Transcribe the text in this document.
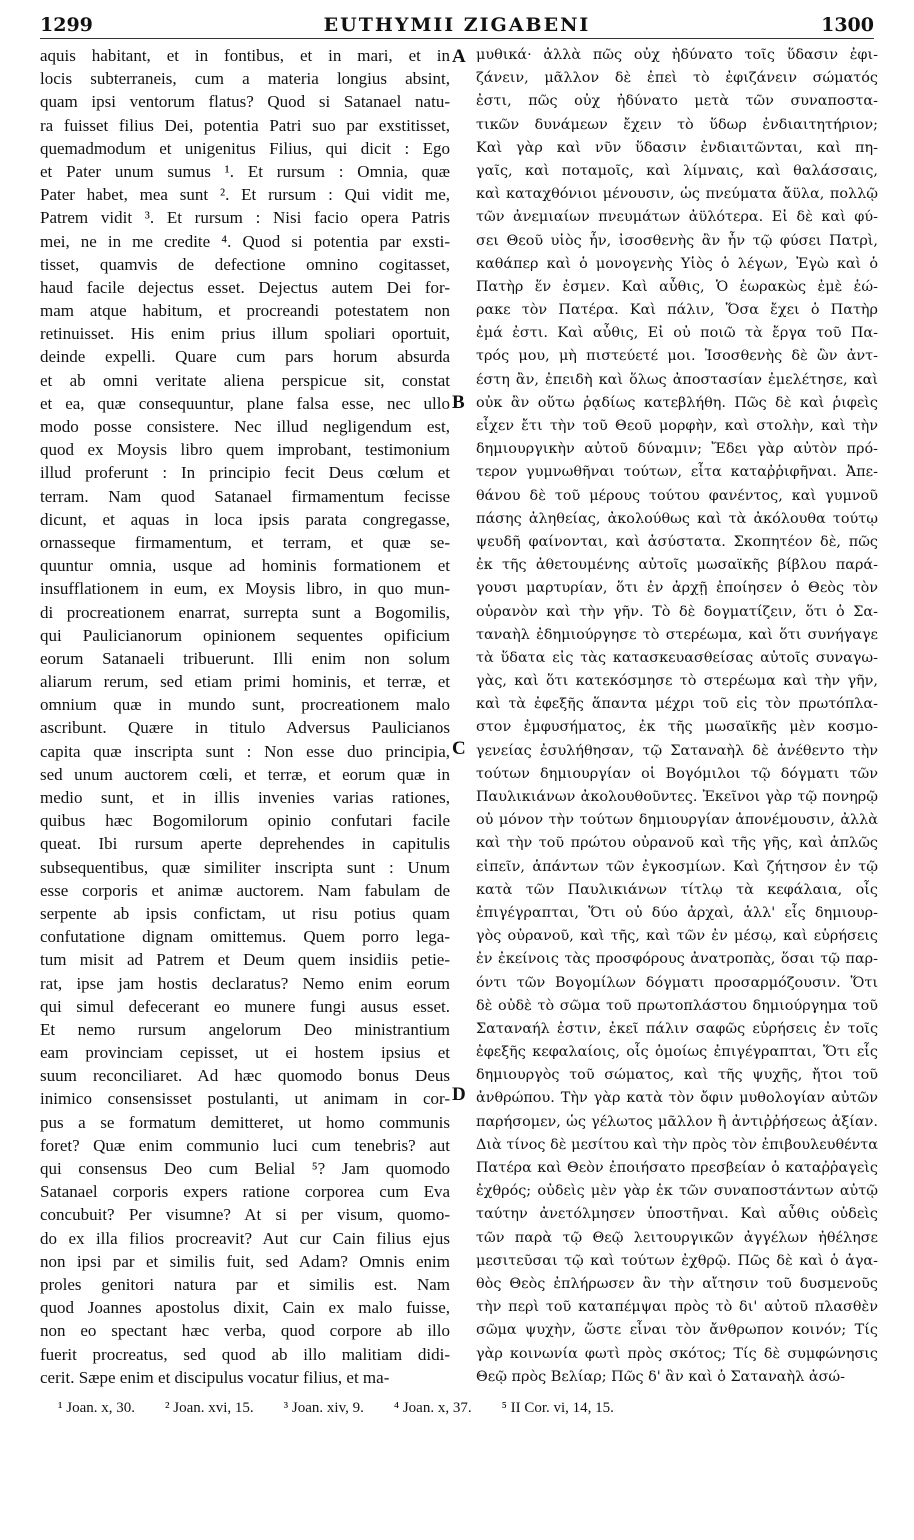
1299	EUTHYMII ZIGABENI	1300
aquis habitant, et in fontibus, et in mari, et in
locis subterraneis, cum a materia longius absint,
quam ipsi ventorum flatus? Quod si Satanael natu-
ra fuisset filius Dei, potentia Patri suo par exstitisset,
quemadmodum et unigenitus Filius, qui dicit : Ego
et Pater unum sumus ¹. Et rursum : Omnia, quæ
Pater habet, mea sunt ². Et rursum : Qui vidit me,
Patrem vidit ³. Et rursum : Nisi facio opera Patris
mei, ne in me credite ⁴. Quod si potentia par exsti-
tisset, quamvis de defectione omnino cogitasset,
haud facile dejectus esset. Dejectus autem Dei for-
mam atque habitum, et procreandi potestatem non
retinuisset. His enim prius illum spoliari oportuit,
deinde expelli. Quare cum pars horum absurda
et ab omni veritate aliena perspicue sit, constat
et ea, quæ consequuntur, plane falsa esse, nec ullo
modo posse consistere. Nec illud negligendum est,
quod ex Moysis libro quem improbant, testimonium
illud proferunt : In principio fecit Deus cœlum et
terram. Nam quod Satanael firmamentum fecisse
dicunt, et aquas in loca ipsis parata congregasse,
ornasseque firmamentum, et terram, et quæ se-
quuntur omnia, usque ad hominis formationem et
insufflationem in eum, ex Moysis libro, in quo mun-
di procreationem enarrat, surrepta sunt a Bogomilis,
qui Paulicianorum opinionem sequentes opificium
eorum Satanaeli tribuerunt. Illi enim non solum
aliarum rerum, sed etiam primi hominis, et terræ, et
omnium quæ in mundo sunt, procreationem malo
ascribunt. Quære in titulo Adversus Paulicianos
capita quæ inscripta sunt : Non esse duo principia,
sed unum auctorem cœli, et terræ, et eorum quæ in
medio sunt, et in illis invenies varias rationes,
quibus hæc Bogomilorum opinio confutari facile
queat. Ibi rursum aperte deprehendes in capitulis
subsequentibus, quæ similiter inscripta sunt : Unum
esse corporis et animæ auctorem. Nam fabulam de
serpente ab ipsis confictam, ut risu potius quam
confutatione dignam omittemus. Quem porro lega-
tum misit ad Patrem et Deum quem insidiis petie-
rat, ipse jam hostis declaratus? Nemo enim eorum
qui simul defecerant eo munere fungi ausus esset.
Et nemo rursum angelorum Deo ministrantium
eam provinciam cepisset, ut ei hostem ipsius et
suum reconciliaret. Ad hæc quomodo bonus Deus
inimico consensisset postulanti, ut animam in cor-
pus a se formatum demitteret, ut homo communis
foret? Quæ enim communio luci cum tenebris? aut
qui consensus Deo cum Belial ⁵? Jam quomodo
Satanael corporis expers ratione corporea cum Eva
concubuit? Per visumne? At si per visum, quomo-
do ex illa filios procreavit? Aut cur Cain filius ejus
non ipsi par et similis fuit, sed Adam? Omnis enim
proles genitori natura par et similis est. Nam
quod Joannes apostolus dixit, Cain ex malo fuisse,
non eo spectant hæc verba, quod corpore ab illo
fuerit procreatus, sed quod ab illo malitiam didi-
cerit. Sæpe enim et discipulus vocatur filius, et ma-
μυθικά· ἀλλὰ πῶς οὐχ ἠδύνατο τοῖς ὕδασιν ἐφι-
ζάνειν, μᾶλλον δὲ ἐπεὶ τὸ ἐφιζάνειν σώματός
ἐστι, πῶς οὐχ ἠδύνατο μετὰ τῶν συναποστα-
τικῶν δυνάμεων ἔχειν τὸ ὕδωρ ἐνδιαιτητήριον;
Καὶ γὰρ καὶ νῦν ὕδασιν ἐνδιαιτῶνται, καὶ πη-
γαῖς, καὶ ποταμοῖς, καὶ λίμναις, καὶ θαλάσσαις,
καὶ καταχθόνιοι μένουσιν, ὡς πνεύματα ἄϋλα, πολλῷ
τῶν ἀνεμιαίων πνευμάτων ἀϋλότερα. Εἰ δὲ καὶ φύ-
σει Θεοῦ υἱὸς ἦν, ἰσοσθενὴς ἂν ἦν τῷ φύσει Πατρὶ,
καθάπερ καὶ ὁ μονογενὴς Υἱὸς ὁ λέγων, Ἐγὼ καὶ ὁ
Πατὴρ ἕν ἐσμεν. Καὶ αὖθις, Ὁ ἑωρακὼς ἐμὲ ἑώ-
ρακε τὸν Πατέρα. Καὶ πάλιν, Ὅσα ἔχει ὁ Πατὴρ
ἐμά ἐστι. Καὶ αὖθις, Εἰ οὐ ποιῶ τὰ ἔργα τοῦ Πα-
τρός μου, μὴ πιστεύετέ μοι. Ἰσοσθενὴς δὲ ὢν ἀντ-
έστη ἂν, ἐπειδὴ καὶ ὅλως ἀποστασίαν ἐμελέτησε, καὶ
οὐκ ἂν οὕτω ῥᾳδίως κατεβλήθη. Πῶς δὲ καὶ ῥιφεὶς
εἶχεν ἔτι τὴν τοῦ Θεοῦ μορφὴν, καὶ στολὴν, καὶ τὴν
δημιουργικὴν αὐτοῦ δύναμιν; Ἔδει γὰρ αὐτὸν πρό-
τερον γυμνωθῆναι τούτων, εἶτα καταῤῥιφῆναι. Ἀπε-
θάνου δὲ τοῦ μέρους τούτου φανέντος, καὶ γυμνοῦ
πάσης ἀληθείας, ἀκολούθως καὶ τὰ ἀκόλουθα τούτῳ
ψευδῆ φαίνονται, καὶ ἀσύστατα. Σκοπητέον δὲ, πῶς
ἐκ τῆς ἀθετουμένης αὐτοῖς μωσαϊκῆς βίβλου παρά-
γουσι μαρτυρίαν, ὅτι ἐν ἀρχῇ ἐποίησεν ὁ Θεὸς τὸν
οὐρανὸν καὶ τὴν γῆν. Τὸ δὲ δογματίζειν, ὅτι ὁ Σα-
ταναὴλ ἐδημιούργησε τὸ στερέωμα, καὶ ὅτι συνήγαγε
τὰ ὕδατα εἰς τὰς κατασκευασθείσας αὐτοῖς συναγω-
γὰς, καὶ ὅτι κατεκόσμησε τὸ στερέωμα καὶ τὴν γῆν,
καὶ τὰ ἐφεξῆς ἅπαντα μέχρι τοῦ εἰς τὸν πρωτόπλα-
στον ἐμφυσήματος, ἐκ τῆς μωσαϊκῆς μὲν κοσμο-
γενείας ἐσυλήθησαν, τῷ Σαταναὴλ δὲ ἀνέθεντο τὴν
τούτων δημιουργίαν οἱ Βογόμιλοι τῷ δόγματι τῶν
Παυλικιάνων ἀκολουθοῦντες. Ἐκεῖνοι γὰρ τῷ πονηρῷ
οὐ μόνον τὴν τούτων δημιουργίαν ἀπονέμουσιν, ἀλλὰ
καὶ τὴν τοῦ πρώτου οὐρανοῦ καὶ τῆς γῆς, καὶ ἁπλῶς
εἰπεῖν, ἁπάντων τῶν ἐγκοσμίων. Καὶ ζήτησον ἐν τῷ
κατὰ τῶν Παυλικιάνων τίτλῳ τὰ κεφάλαια, οἷς
ἐπιγέγραπται, Ὅτι οὐ δύο ἀρχαὶ, ἀλλ' εἷς δημιουρ-
γὸς οὐρανοῦ, καὶ τῆς, καὶ τῶν ἐν μέσῳ, καὶ εὑρήσεις
ἐν ἐκείνοις τὰς προσφόρους ἀνατροπὰς, ὅσαι τῷ παρ-
όντι τῶν Βογομίλων δόγματι προσαρμόζουσιν. Ὅτι
δὲ οὐδὲ τὸ σῶμα τοῦ πρωτοπλάστου δημιούργημα τοῦ
Σαταναήλ ἐστιν, ἐκεῖ πάλιν σαφῶς εὑρήσεις ἐν τοῖς
ἐφεξῆς κεφαλαίοις, οἷς ὁμοίως ἐπιγέγραπται, Ὅτι εἷς
δημιουργὸς τοῦ σώματος, καὶ τῆς ψυχῆς, ἤτοι τοῦ
ἀνθρώπου. Τὴν γὰρ κατὰ τὸν ὄφιν μυθολογίαν αὐτῶν
παρήσομεν, ὡς γέλωτος μᾶλλον ἢ ἀντιῤῥήσεως ἀξίαν.
Διὰ τίνος δὲ μεσίτου καὶ τὴν πρὸς τὸν ἐπιβουλευθέντα
Πατέρα καὶ Θεὸν ἐποιήσατο πρεσβείαν ὁ καταῤῥαγεὶς
ἐχθρός; οὐδεὶς μὲν γὰρ ἐκ τῶν συναποστάντων αὐτῷ
ταύτην ἀνετόλμησεν ὑποστῆναι. Καὶ αὖθις οὐδεὶς
τῶν παρὰ τῷ Θεῷ λειτουργικῶν ἀγγέλων ἠθέλησε
μεσιτεῦσαι τῷ καὶ τούτων ἐχθρῷ. Πῶς δὲ καὶ ὁ ἀγα-
θὸς Θεὸς ἐπλήρωσεν ἂν τὴν αἴτησιν τοῦ δυσμενοῦς
τὴν περὶ τοῦ καταπέμψαι πρὸς τὸ δι' αὐτοῦ πλασθὲν
σῶμα ψυχὴν, ὥστε εἶναι τὸν ἄνθρωπον κοινόν; Τίς
γὰρ κοινωνία φωτὶ πρὸς σκότος; Τίς δὲ συμφώνησις
Θεῷ πρὸς Βελίαρ; Πῶς δ' ἂν καὶ ὁ Σαταναὴλ ἀσώ-
A
B
C
D
¹ Joan. x, 30. ² Joan. xvi, 15. ³ Joan. xiv, 9. ⁴ Joan. x, 37. ⁵ II Cor. vi, 14, 15.
